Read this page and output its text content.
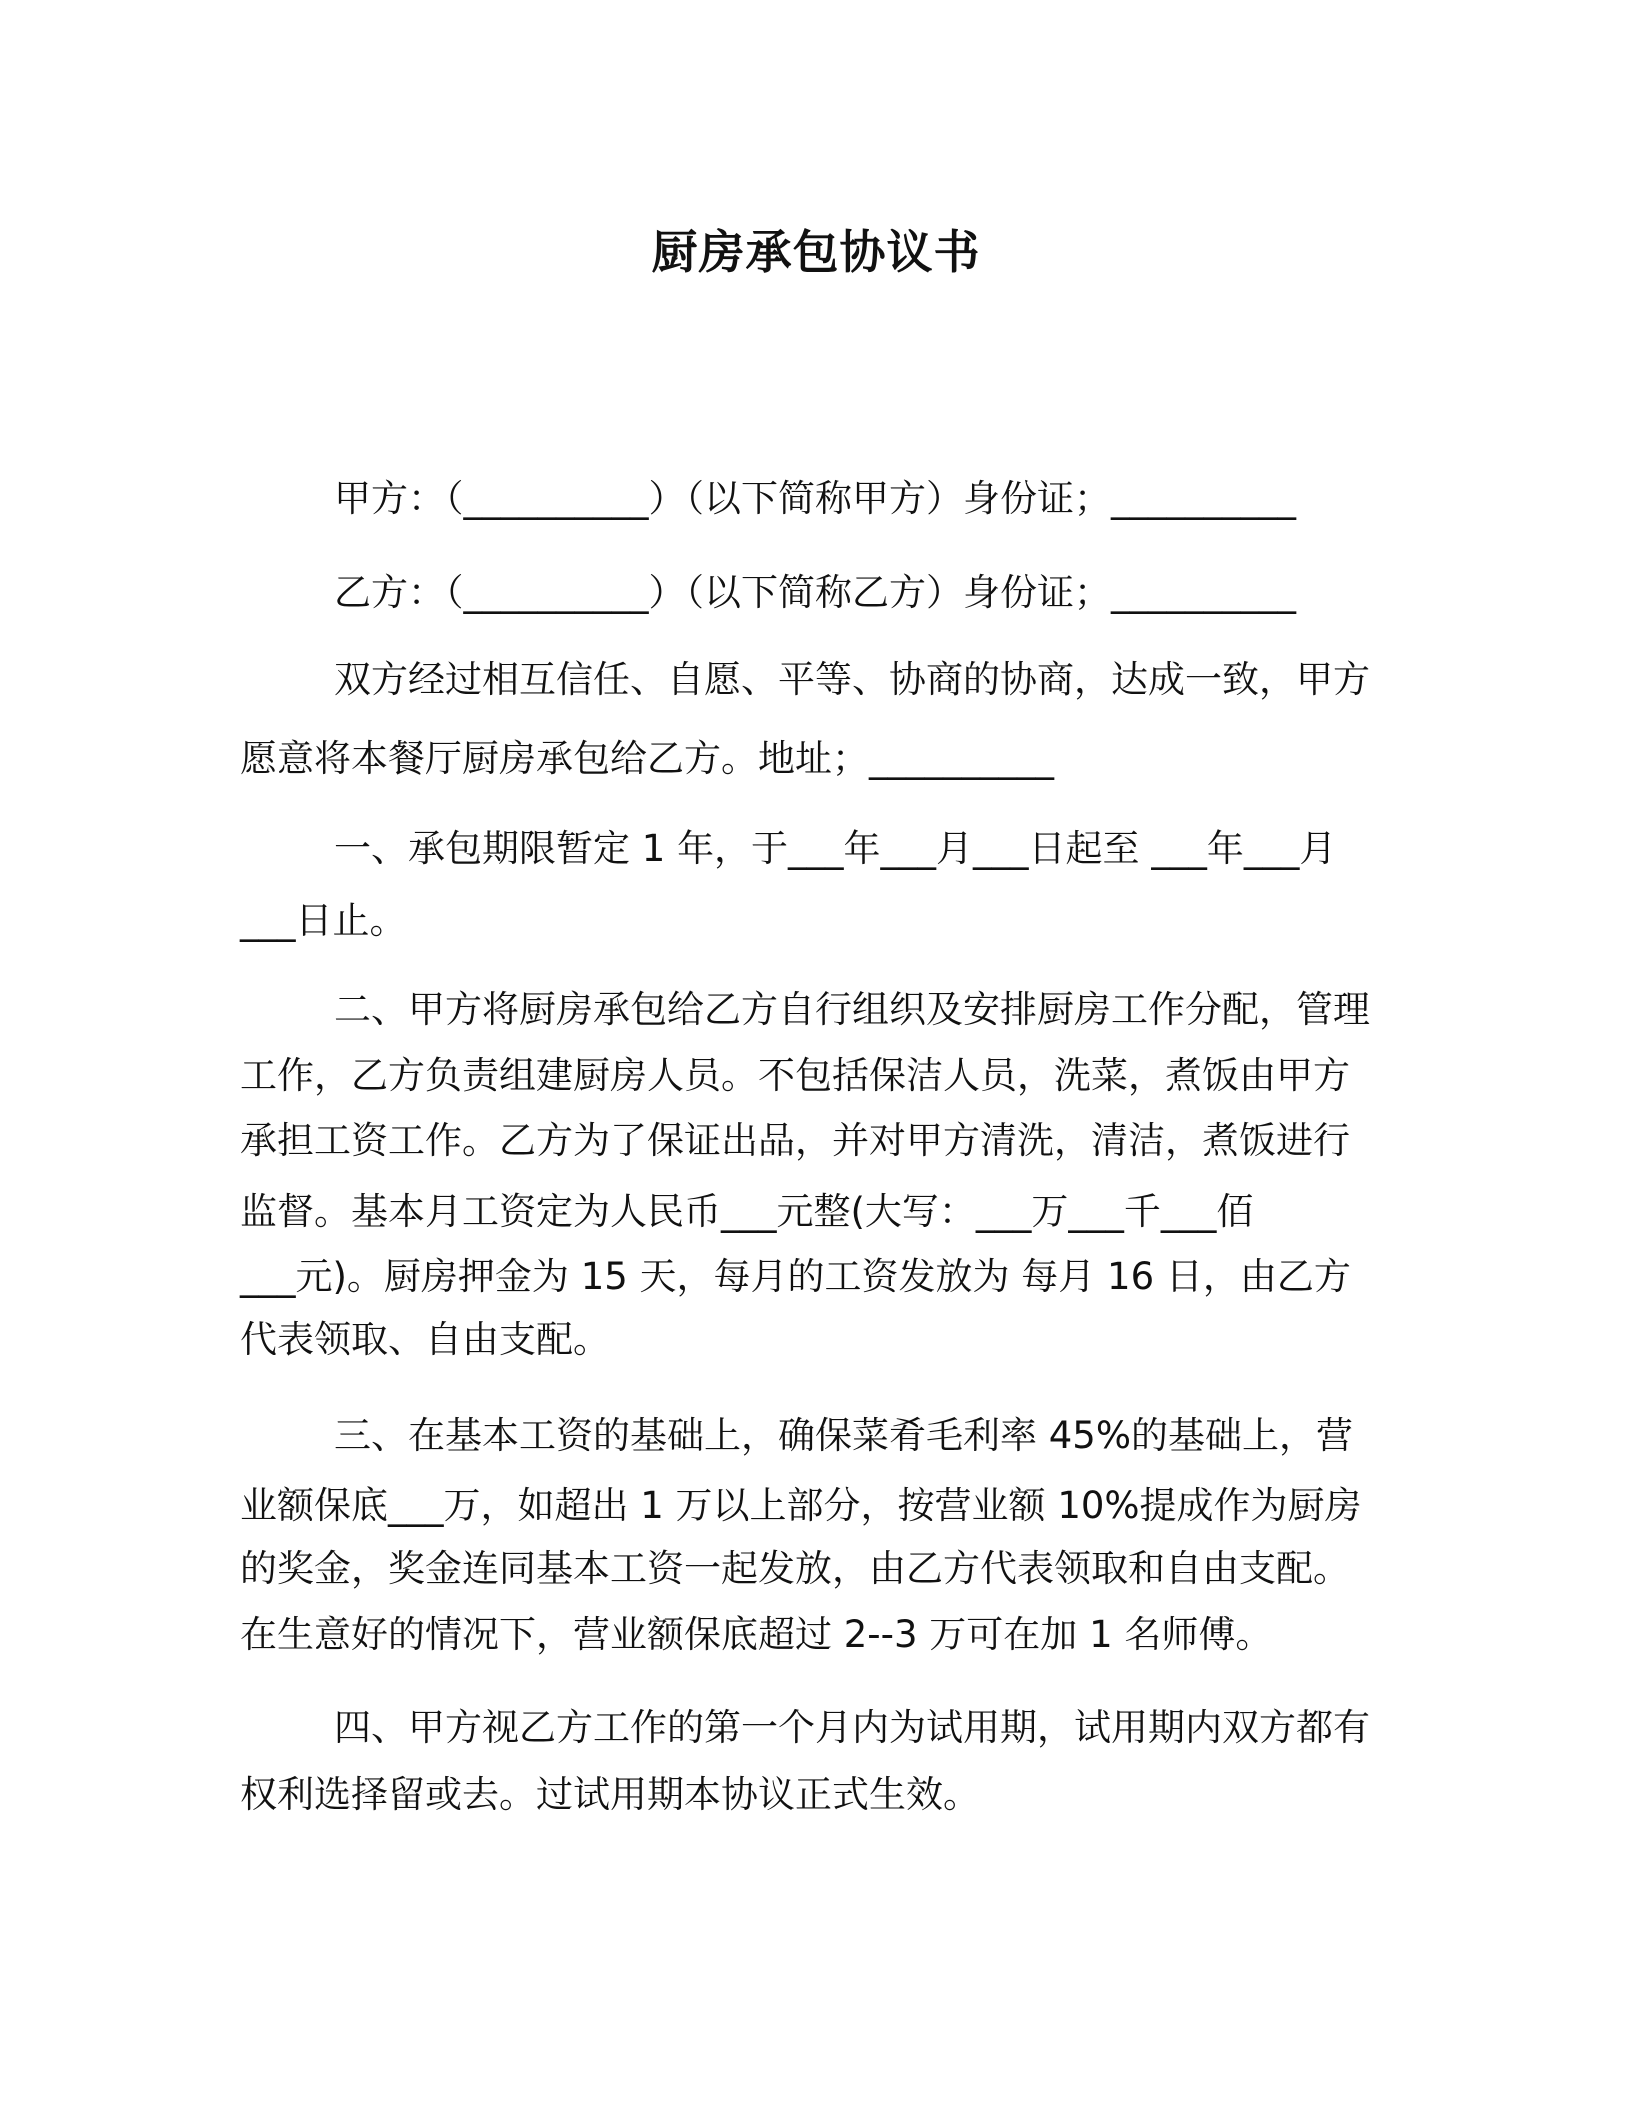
厨房承包协议书

甲方：（__________）（以下简称甲方）身份证；__________

乙方：（__________）（以下简称乙方）身份证；__________

双方经过相互信任、自愿、平等、协商的协商，达成一致，甲方

愿意将本餐厅厨房承包给乙方。地址；__________

一、承包期限暂定 1 年，于___年___月___日起至 ___年___月

___日止。

二、甲方将厨房承包给乙方自行组织及安排厨房工作分配，管理

工作，乙方负责组建厨房人员。不包括保洁人员，洗菜，煮饭由甲方

承担工资工作。乙方为了保证出品，并对甲方清洗，清洁，煮饭进行

监督。基本月工资定为人民币___元整(大写：___万___千___佰

___元)。厨房押金为 15 天，每月的工资发放为 每月 16 日，由乙方

代表领取、自由支配。

三、在基本工资的基础上，确保菜肴毛利率 45%的基础上，营

业额保底___万，如超出 1 万以上部分，按营业额 10%提成作为厨房

的奖金，奖金连同基本工资一起发放，由乙方代表领取和自由支配。

在生意好的情况下，营业额保底超过 2--3 万可在加 1 名师傅。

四、甲方视乙方工作的第一个月内为试用期，试用期内双方都有

权利选择留或去。过试用期本协议正式生效。
